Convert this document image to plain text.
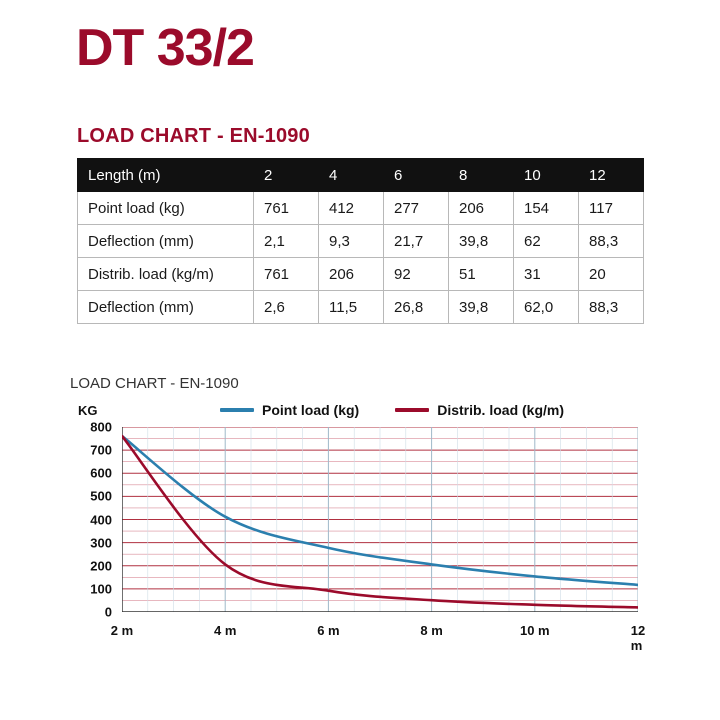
DT 33/2
LOAD CHART - EN-1090
Length (m)	2	4	6	8	10	12
Point load (kg)	761	412	277	206	154	117
Deflection (mm)	2,1	9,3	21,7	39,8	62	88,3
Distrib. load (kg/m)	761	206	92	51	31	20
Deflection (mm)	2,6	11,5	26,8	39,8	62,0	88,3
LOAD CHART - EN-1090
KG	Point load (kg)	Distrib. load (kg/m)
800
700
600
500
400
300
200
100
0
2 m	4 m	6 m	8 m	10 m	12 m
